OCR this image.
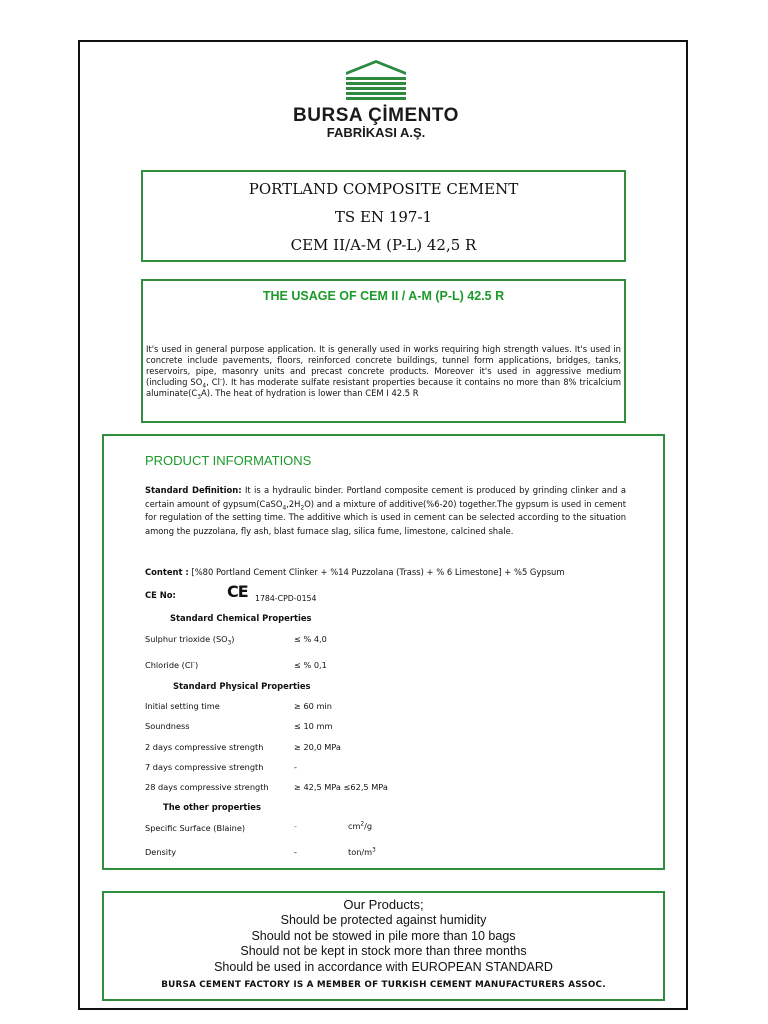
BURSA ÇİMENTO
FABRİKASI A.Ş.
PORTLAND COMPOSITE CEMENT
TS EN 197-1
CEM II/A-M (P-L) 42,5 R
THE USAGE OF CEM II / A-M (P-L) 42.5 R
It's used in general purpose application. It is generally used in works requiring high strength values. It's used in concrete include pavements, floors, reinforced concrete buildings, tunnel form applications, bridges, tanks, reservoirs, pipe, masonry units and precast concrete products. Moreover it's used in aggressive medium (including $SO_4$, Cl-). It has moderate sulfate resistant properties because it contains no more than 8% tricalcium $aluminate(C_3A)$. The heat of hydration is lower than CEM I 42.5 R
PRODUCT INFORMATIONS
Standard Definition: It is a hydraulic binder. Portland composite cement is produced by grinding clinker and a certain amount of $gypsum(CaSO_4,2H_2O)$ and a mixture of additive(%6-20) together.The gypsum is used in cement for regulation of the setting time. The additive which is used in cement can be selected according to the situation among the puzzolana, fly ash, blast furnace slag, silica fume, limestone, calcined shale.
Content : [%80 Portland Cement Clinker + %14 Puzzolana (Trass) + % 6 Limestone] + %5 Gypsum
CE No:	CE 1784-CPD-0154
Standard Chemical Properties
Sulphur trioxide $(SO_3)$	≤ % 4,0
Chloride (Cl-)	≤ % 0,1
Standard Physical Properties
Initial setting time	≥ 60 min
Soundness	≤ 10 mm
2 days compressive strength	≥ 20,0 MPa
7 days compressive strength	-
28 days compressive strength	≥ 42,5 MPa ≤62,5 MPa
The other properties
Specific Surface (Blaine)	-	$cm^2/g$
Density	-	ton/$m^3$
Our Products;
Should be protected against humidity
Should not be stowed in pile more than 10 bags
Should not be kept in stock more than three months
Should be used in accordance with EUROPEAN STANDARD
BURSA CEMENT FACTORY IS A MEMBER OF TURKISH CEMENT MANUFACTURERS ASSOC.
